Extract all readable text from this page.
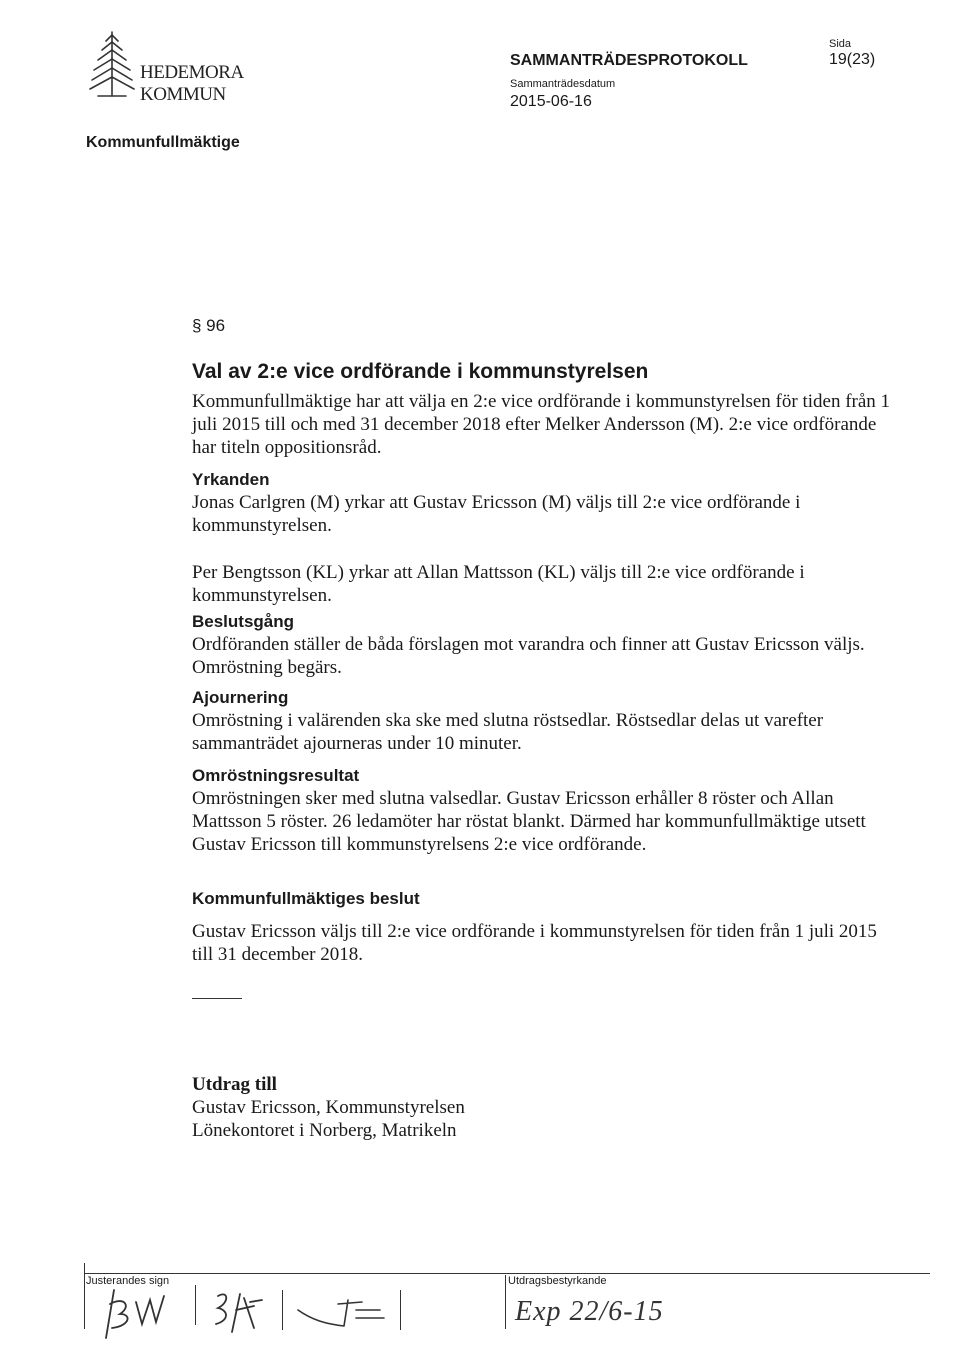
HEDEMORA
KOMMUN
SAMMANTRÄDESPROTOKOLL
Sammanträdesdatum
2015-06-16
Sida
19(23)
Kommunfullmäktige

§ 96

Val av 2:e vice ordförande i kommunstyrelsen

Kommunfullmäktige har att välja en 2:e vice ordförande i kommunstyrelsen för tiden från 1 juli 2015 till och med 31 december 2018 efter Melker Andersson (M). 2:e vice ordförande har titeln oppositionsråd.

Yrkanden

Jonas Carlgren (M) yrkar att Gustav Ericsson (M) väljs till 2:e vice ordförande i kommunstyrelsen.

Per Bengtsson (KL) yrkar att Allan Mattsson (KL) väljs till 2:e vice ordförande i kommunstyrelsen.

Beslutsgång

Ordföranden ställer de båda förslagen mot varandra och finner att Gustav Ericsson väljs.

Omröstning begärs.

Ajournering

Omröstning i valärenden ska ske med slutna röstsedlar. Röstsedlar delas ut varefter sammanträdet ajourneras under 10 minuter.

Omröstningsresultat

Omröstningen sker med slutna valsedlar. Gustav Ericsson erhåller 8 röster och Allan Mattsson 5 röster. 26 ledamöter har röstat blankt. Därmed har kommunfullmäktige utsett Gustav Ericsson till kommunstyrelsens 2:e vice ordförande.

Kommunfullmäktiges beslut

Gustav Ericsson väljs till 2:e vice ordförande i kommunstyrelsen för tiden från 1 juli 2015 till 31 december 2018.

Utdrag till

Gustav Ericsson, Kommunstyrelsen

Lönekontoret i Norberg, Matrikeln

Justerandes sign	Utdragsbestyrkande
Exp 22/6-15
